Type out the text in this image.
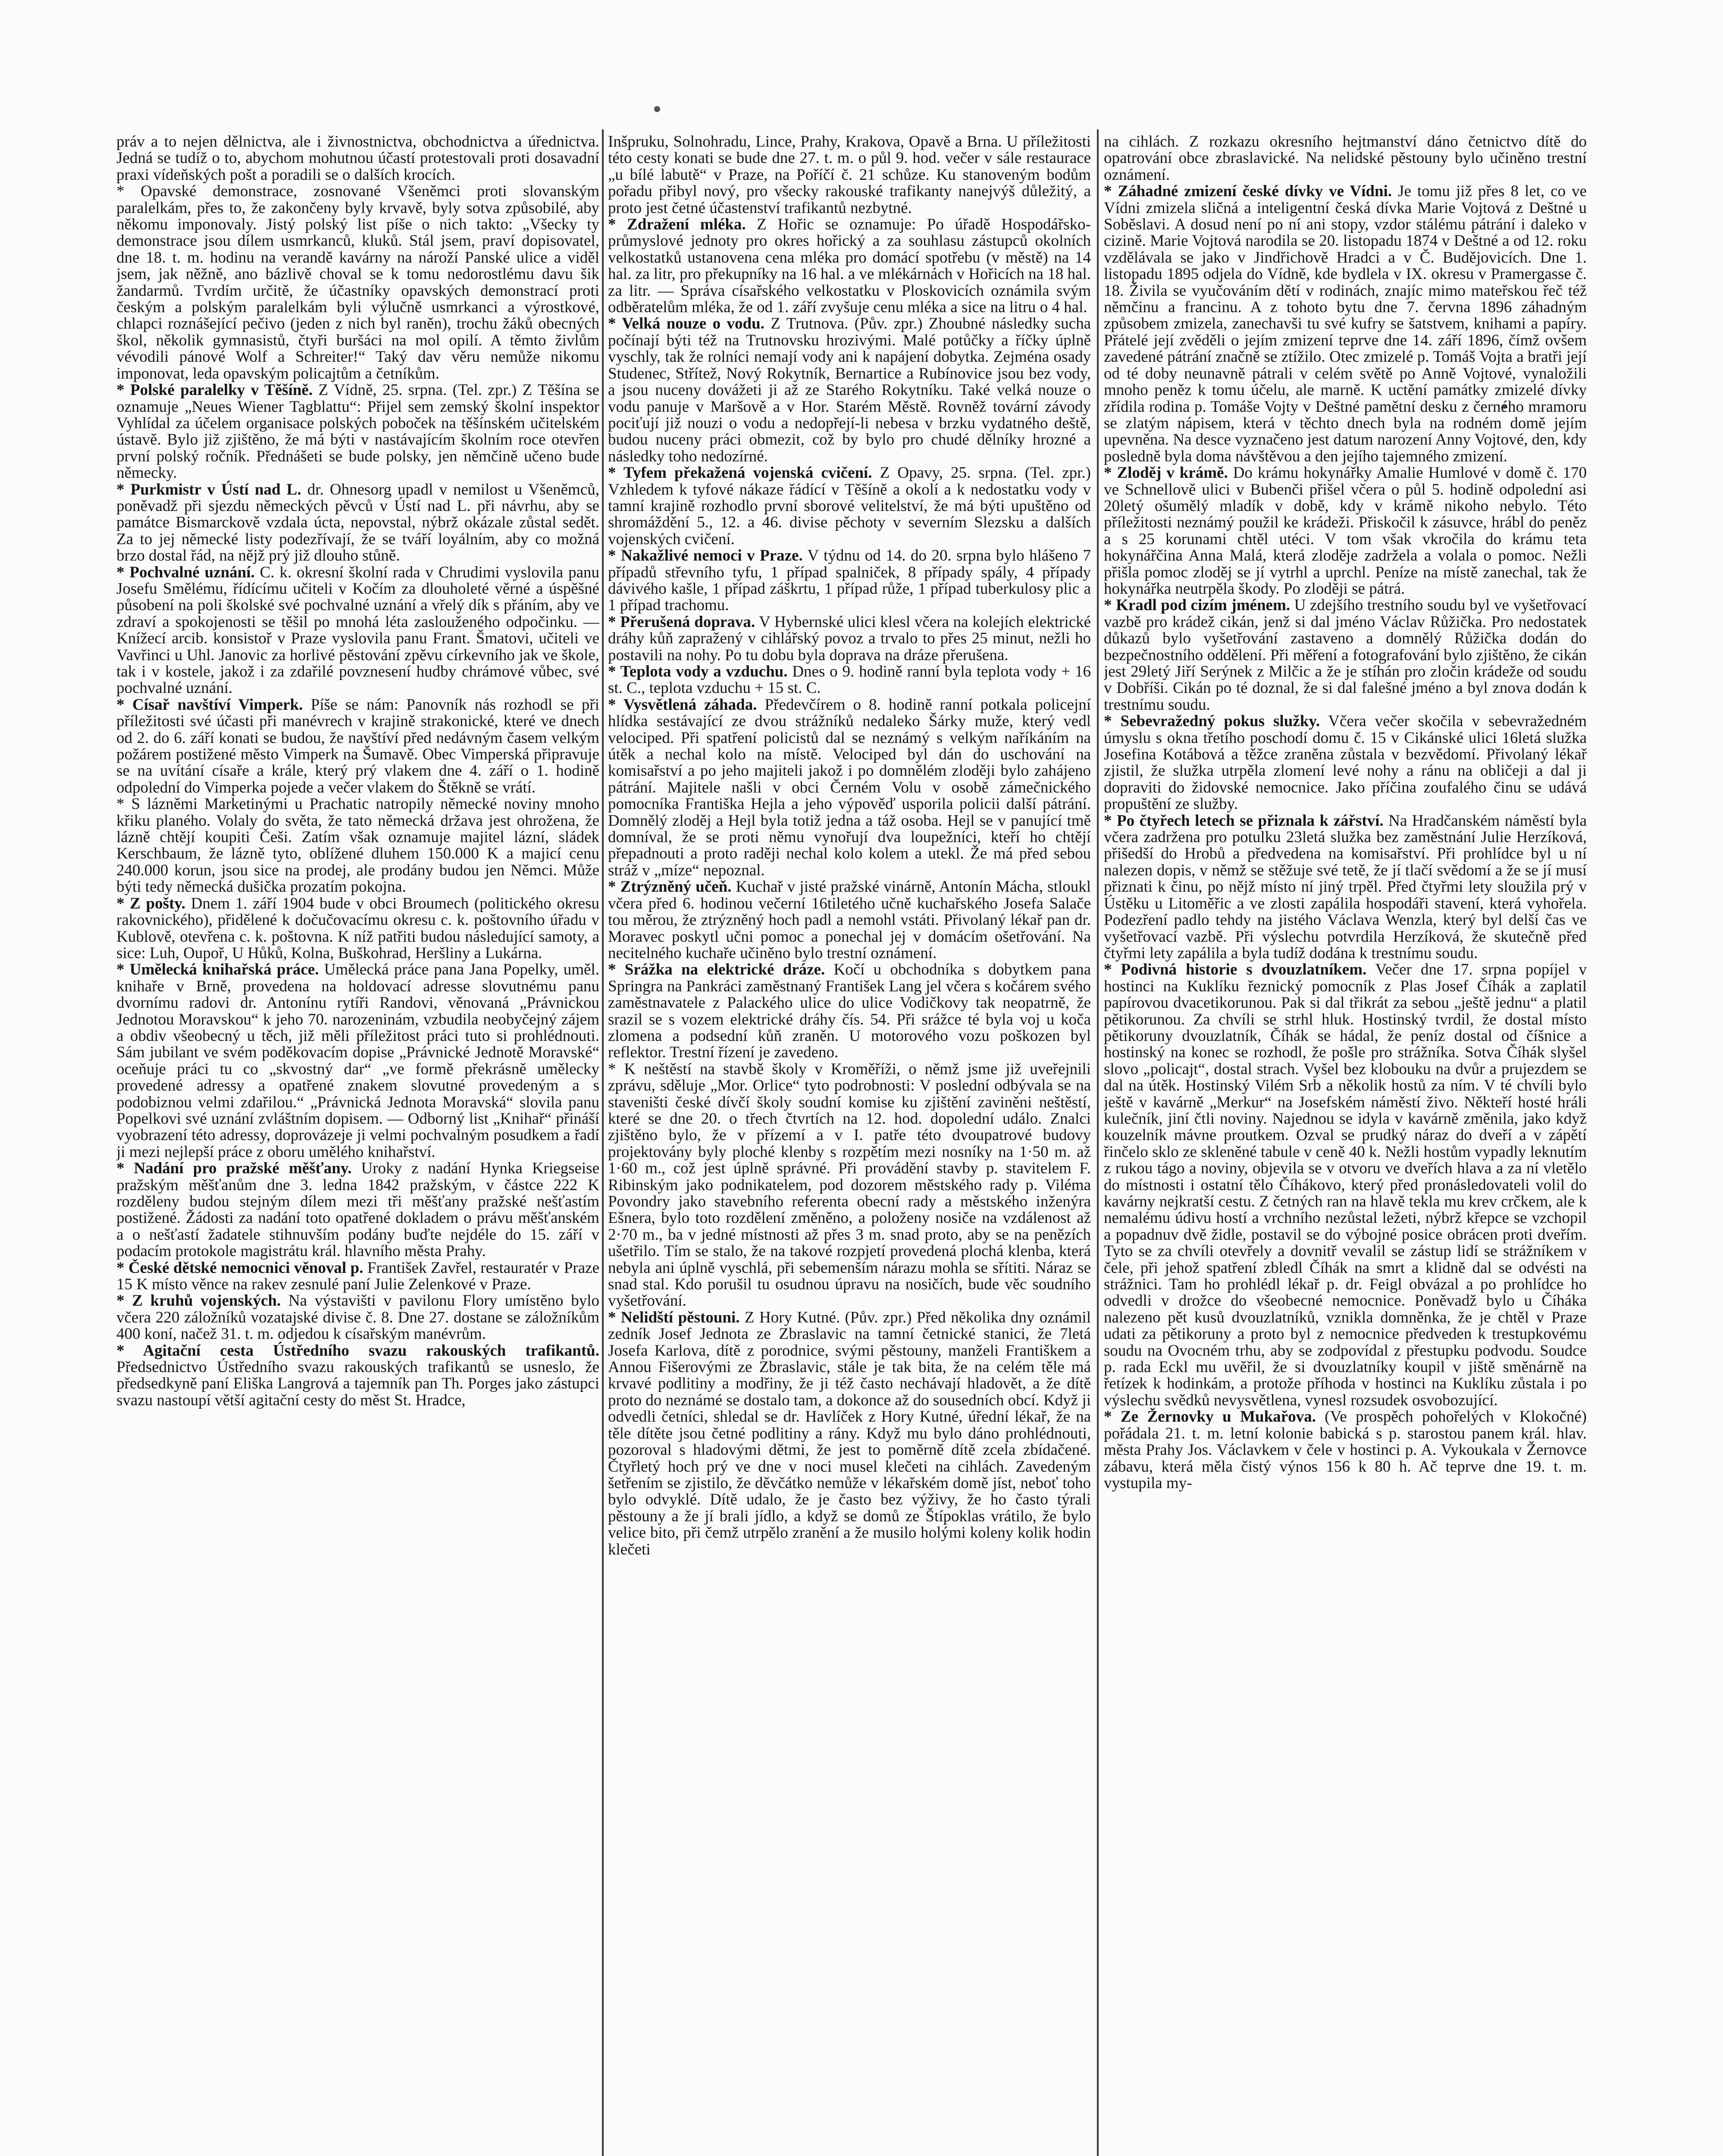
práv a to nejen dělnictva, ale i živnostnictva, obchodnictva a úřednictva. Jedná se tudíž o to, abychom mohutnou účastí protestovali proti dosavadní praxi vídeňských pošt a poradili se o dalších krocích.

* Opavské demonstrace, zosnované Všeněmci proti slovanským paralelkám, přes to, že zakončeny byly krvavě, byly sotva způsobilé, aby někomu imponovaly. Jistý polský list píše o nich takto: „Všecky ty demonstrace jsou dílem usmrkanců, kluků. Stál jsem, praví dopisovatel, dne 18. t. m. hodinu na verandě kavárny na nároží Panské ulice a viděl jsem, jak něžně, ano bázlivě choval se k tomu nedorostlému davu šik žandarmů. Tvrdím určitě, že účastníky opavských demonstrací proti českým a polským paralelkám byli výlučně usmrkanci a výrostkové, chlapci roznášející pečivo (jeden z nich byl raněn), trochu žáků obecných škol, několik gymnasistů, čtyři buršáci na mol opilí. A těmto živlům vévodili pánové Wolf a Schreiter!“ Taký dav věru nemůže nikomu imponovat, leda opavským policajtům a četníkům.

* Polské paralelky v Těšíně. Z Vídně, 25. srpna. (Tel. zpr.) Z Těšína se oznamuje „Neues Wiener Tagblattu“: Přijel sem zemský školní inspektor Vyhlídal za účelem organisace polských poboček na těšínském učitelském ústavě. Bylo již zjištěno, že má býti v nastávajícím školním roce otevřen první polský ročník. Přednášeti se bude polsky, jen němčině učeno bude německy.

* Purkmistr v Ústí nad L. dr. Ohnesorg upadl v nemilost u Všeněmců, poněvadž při sjezdu německých pěvců v Ústí nad L. při návrhu, aby se památce Bismarckově vzdala úcta, nepovstal, nýbrž okázale zůstal sedět. Za to jej německé listy podezřívají, že se tváří loyálním, aby co možná brzo dostal řád, na nějž prý již dlouho stůně.

* Pochvalné uznání. C. k. okresní školní rada v Chrudimi vyslovila panu Josefu Smělému, řídícímu učiteli v Kočím za dlouholeté věrné a úspěšné působení na poli školské své pochvalné uznání a vřelý dík s přáním, aby ve zdraví a spokojenosti se těšil po mnohá léta zaslouženého odpočinku. — Knížecí arcib. konsistoř v Praze vyslovila panu Frant. Šmatovi, učiteli ve Vavřinci u Uhl. Janovic za horlivé pěstování zpěvu církevního jak ve škole, tak i v kostele, jakož i za zdařilé povznesení hudby chrámové vůbec, své pochvalné uznání.

* Císař navštíví Vimperk. Píše se nám: Panovník nás rozhodl se při příležitosti své účasti při manévrech v krajině strakonické, které ve dnech od 2. do 6. září konati se budou, že navštíví před nedávným časem velkým požárem postižené město Vimperk na Šumavě. Obec Vimperská připravuje se na uvítání císaře a krále, který prý vlakem dne 4. září o 1. hodině odpolední do Vimperka pojede a večer vlakem do Štěkně se vrátí.

* S lázněmi Marketinými u Prachatic natropily německé noviny mnoho křiku planého. Volaly do světa, že tato německá državа jest ohrožena, že lázně chtějí koupiti Češi. Zatím však oznamuje majitel lázní, sládek Kerschbaum, že lázně tyto, oblížené dluhem 150.000 K a majicí cenu 240.000 korun, jsou sice na prodej, ale prodány budou jen Němci. Může býti tedy německá dušička prozatím pokojna.

* Z pošty. Dnem 1. září 1904 bude v obci Broumech (politického okresu rakovnického), přidělené k dočučovacímu okresu c. k. poštovního úřadu v Kublově, otevřena c. k. poštovna. K níž patřiti budou následující samoty, a sice: Luh, Oupoř, U Hůků, Kolna, Buškohrad, Heršliny a Lukárna.

* Umělecká knihařská práce. Umělecká práce pana Jana Popelky, uměl. knihaře v Brně, provedena na holdovací adresse slovutnému panu dvornímu radovi dr. Antonínu rytíři Randovi, věnovaná „Právnickou Jednotou Moravskou“ k jeho 70. narozeninám, vzbudila neobyčejný zájem a obdiv všeobecný u těch, již měli příležitost práci tuto si prohlédnouti. Sám jubilant ve svém poděkovacím dopise „Právnické Jednotě Moravské“ oceňuje práci tu co „skvostný dar“ „ve formě překrásně umělecky provedené adressy a opatřené znakem slovutné provedeným a s podobiznou velmi zdařilou.“ „Právnická Jednota Moravská“ slovila panu Popelkovi své uznání zvláštním dopisem. — Odborný list „Knihař“ přináší vyobrazení této adressy, doprovázeje ji velmi pochvalným posudkem a řadí ji mezi nejlepší práce z oboru umělého knihařství.

* Nadání pro pražské měšťany. Uroky z nadání Hynka Kriegseise pražským měšťanům dne 3. ledna 1842 pražským, v částce 222 K rozděleny budou stejným dílem mezi tři měšťany pražské nešťastím postižené. Žádosti za nadání toto opatřené dokladem o právu měšťanském a o nešťastí žadatele stihnuvším podány buďte nejdéle do 15. září v podacím protokole magistrátu král. hlavního města Prahy.

* České dětské nemocnici věnoval p. František Zavřel, restauratér v Praze 15 K místo věnce na rakev zesnulé paní Julie Zelenkové v Praze.

* Z kruhů vojenských. Na výstavišti v pavilonu Flory umístěno bylo včera 220 záložníků vozatajské divise č. 8. Dne 27. dostane se záložníkům 400 koní, načež 31. t. m. odjedou k císařským manévrům.

* Agitační cesta Ústředního svazu rakouských trafikantů. Předsednictvo Ústředního svazu rakouských trafikantů se usneslo, že předsedkyně paní Eliška Langrová a tajemník pan Th. Porges jako zástupci svazu nastoupí větší agitační cesty do měst St. Hradce,

Inšpruku, Solnohradu, Lince, Prahy, Krakova, Opavě a Brna. U příležitosti této cesty konati se bude dne 27. t. m. o půl 9. hod. večer v sále restaurace „u bílé labutě“ v Praze, na Poříčí č. 21 schůze. Ku stanoveným bodům pořadu přibyl nový, pro všecky rakouské trafikanty nanejvýš důležitý, a proto jest četné účastenství trafikantů nezbytné.

* Zdražení mléka. Z Hořic se oznamuje: Po úřadě Hospodářsko-průmyslové jednoty pro okres hořický a za souhlasu zástupců okolních velkostatků ustanovena cena mléka pro domácí spotřebu (v městě) na 14 hal. za litr, pro překupníky na 16 hal. a ve mlékárnách v Hořicích na 18 hal. za litr. — Správa císařského velkostatku v Ploskovicích oznámila svým odběratelům mléka, že od 1. září zvyšuje cenu mléka a sice na litru o 4 hal.

* Velká nouze o vodu. Z Trutnova. (Pův. zpr.) Zhoubné následky sucha počínají býti též na Trutnovsku hrozivými. Malé potůčky a říčky úplně vyschly, tak že rolníci nemají vody ani k napájení dobytka. Zejména osady Studenec, Střítež, Nový Rokytník, Bernartice a Rubínovice jsou bez vody, a jsou nuceny dovážeti ji až ze Starého Rokytníku. Také velká nouze o vodu panuje v Maršově a v Hor. Starém Městě. Rovněž tovární závody pociťují již nouzi o vodu a nedopřejí-li nebesa v brzku vydatného deště, budou nuceny práci obmezit, což by bylo pro chudé dělníky hrozné a následky toho nedozírné.

* Tyfem překažená vojenská cvičení. Z Opavy, 25. srpna. (Tel. zpr.) Vzhledem k tyfové nákaze řádící v Těšíně a okolí a k nedostatku vody v tamní krajině rozhodlo první sborové velitelství, že má býti upuštěno od shromáždění 5., 12. a 46. divise pěchoty v severním Slezsku a dalších vojenských cvičení.

* Nakažlivé nemoci v Praze. V týdnu od 14. do 20. srpna bylo hlášeno 7 případů střevního tyfu, 1 případ spalniček, 8 případy spály, 4 případy dávivého kašle, 1 případ záškrtu, 1 případ růže, 1 případ tuberkulosy plic a 1 případ trachomu.

* Přerušená doprava. V Hybernské ulici klesl včera na kolejích elektrické dráhy kůň zapražený v cihlářský povoz a trvalo to přes 25 minut, nežli ho postavili na nohy. Po tu dobu byla doprava na dráze přerušena.

* Teplota vody a vzduchu. Dnes o 9. hodině ranní byla teplota vody + 16 st. C., teplota vzduchu + 15 st. C.

* Vysvětlená záhada. Předevčírem o 8. hodině ranní potkala policejní hlídka sestávající ze dvou strážníků nedaleko Šárky muže, který vedl velociped. Při spatření policistů dal se neznámý s velkým naříkáním na útěk a nechal kolo na místě. Velociped byl dán do uschování na komisařství a po jeho majiteli jakož i po domnělém zloději bylo zahájeno pátrání. Majitele našli v obci Černém Volu v osobě zámečnického pomocníka Františka Hejla a jeho výpověď usporila policii další pátrání. Domnělý zloděj a Hejl byla totiž jedna a táž osoba. Hejl se v panující tmě domníval, že se proti němu vynořují dva loupežníci, kteří ho chtějí přepadnouti a proto raději nechal kolo kolem a utekl. Že má před sebou stráž v „míze“ nepoznal.

* Ztrýzněný učeň. Kuchař v jisté pražské vinárně, Antonín Mácha, stloukl včera před 6. hodinou večerní 16tiletého učně kuchařského Josefa Salače tou měrou, že ztrýzněný hoch padl a nemohl vstáti. Přivolaný lékař pan dr. Moravec poskytl učni pomoc a ponechal jej v domácím ošetřování. Na necitelného kuchaře učiněno bylo trestní oznámení.

* Srážka na elektrické dráze. Kočí u obchodníka s dobytkem pana Springra na Pankráci zaměstnaný František Lang jel včera s kočárem svého zaměstnavatele z Palackého ulice do ulice Vodičkovy tak neopatrně, že srazil se s vozem elektrické dráhy čís. 54. Při srážce té byla voj u koča zlomena a podsední kůň zraněn. U motorového vozu poškozen byl reflektor. Trestní řízení je zavedeno.

* K neštěstí na stavbě školy v Kroměříži, o němž jsme již uveřejnili zprávu, sděluje „Mor. Orlice“ tyto podrobnosti: V poslední odbývala se na staveništi české dívčí školy soudní komise ku zjištění zaviněni neštěstí, které se dne 20. o třech čtvrtích na 12. hod. dopolední událo. Znalci zjištěno bylo, že v přízemí a v I. patře této dvoupatrové budovy projektovány byly ploché klenby s rozpětím mezi nosníky na 1·50 m. až 1·60 m., což jest úplně správné. Při provádění stavby p. stavitelem F. Ribinským jako podnikatelem, pod dozorem městského rady p. Viléma Povondry jako stavebního referenta obecní rady a městského inženýra Ešnera, bylo toto rozdělení změněno, a položeny nosiče na vzdálenost až 2·70 m., ba v jedné místnosti až přes 3 m. snad proto, aby se na penězích ušetřilo. Tím se stalo, že na takové rozpjetí provedená plochá klenba, která nebyla ani úplně vyschlá, při sebemenším nárazu mohla se sřítiti. Náraz se snad stal. Kdo porušil tu osudnou úpravu na nosičích, bude věc soudního vyšetřování.

* Nelidští pěstouni. Z Hory Kutné. (Pův. zpr.) Před několika dny oznámil zedník Josef Jednota ze Zbraslavic na tamní četnické stanici, že 7letá Josefa Karlova, dítě z porodnice, svými pěstouny, manželi Františkem a Annou Fišerovými ze Zbraslavic, stále je tak bita, že na celém těle má krvavé podlitiny a modřiny, že ji též často nechávají hladovět, a že dítě proto do neznámé se dostalo tam, a dokonce až do sousedních obcí. Když ji odvedli četníci, shledal se dr. Havlíček z Hory Kutné, úřední lékař, že na těle dítěte jsou četné podlitiny a rány. Když mu bylo dáno prohlédnouti, pozoroval s hladovými dětmi, že jest to poměrně dítě zcela zbídačené. Čtyřletý hoch prý ve dne v noci musel klečeti na cihlách. Zavedeným šetřením se zjistilo, že děvčátko nemůže v lékařském domě jíst, neboť toho bylo odvyklé. Dítě udalo, že je často bez výživy, že ho často týrali pěstouny a že jí brali jídlo, a když se domů ze Štípoklas vrátilo, že bylo velice bito, při čemž utrpělo zranění a že musilo holými koleny kolik hodin klečeti

na cihlách. Z rozkazu okresního hejtmanství dáno četnictvo dítě do opatrování obce zbraslavické. Na nelidské pěstouny bylo učiněno trestní oznámení.

* Záhadné zmizení české dívky ve Vídni. Je tomu již přes 8 let, co ve Vídni zmizela sličná a inteligentní česká dívka Marie Vojtová z Deštné u Soběslavi. A dosud není po ní ani stopy, vzdor stálému pátrání i daleko v cizině. Marie Vojtová narodila se 20. listopadu 1874 v Deštné a od 12. roku vzdělávala se jako v Jindřichově Hradci a v Č. Budějovicích. Dne 1. listopadu 1895 odjela do Vídně, kde bydlela v IX. okresu v Pramergasse č. 18. Živila se vyučováním dětí v rodinách, znajíc mimo mateřskou řeč též němčinu a francinu. A z tohoto bytu dne 7. června 1896 záhadným způsobem zmizela, zanechavši tu své kufry se šatstvem, knihami a papíry. Přátelé její zvěděli o jejím zmizení teprve dne 14. září 1896, čímž ovšem zavedené pátrání značně se ztížilo. Otec zmizelé p. Tomáš Vojta a bratři její od té doby neunavně pátrali v celém světě po Anně Vojtové, vynaložili mnoho peněz k tomu účelu, ale marně. K uctění památky zmizelé dívky zřídila rodina p. Tomáše Vojty v Deštné pamětní desku z černého mramoru se zlatým nápisem, která v těchto dnech byla na rodném domě jejím upevněna. Na desce vyznačeno jest datum narození Anny Vojtové, den, kdy posledně byla doma návštěvou a den jejího tajemného zmizení.

* Zloděj v krámě. Do krámu hokynářky Amalie Humlové v domě č. 170 ve Schnellově ulici v Bubenči přišel včera o půl 5. hodině odpolední asi 20letý ošumělý mladík v době, kdy v krámě nikoho nebylo. Této příležitosti neznámý použil ke krádeži. Přiskočil k zásuvce, hrábl do peněz a s 25 korunami chtěl utéci. V tom však vkročila do krámu teta hokynářčina Anna Malá, která zloděje zadržela a volala o pomoc. Nežli přišla pomoc zloděj se jí vytrhl a uprchl. Peníze na místě zanechal, tak že hokynářka neutrpěla škody. Po zloději se pátrá.

* Kradl pod cizím jménem. U zdejšího trestního soudu byl ve vyšetřovací vazbě pro krádež cikán, jenž si dal jméno Václav Růžička. Pro nedostatek důkazů bylo vyšetřování zastaveno a domnělý Růžička dodán do bezpečnostního oddělení. Při měření a fotografování bylo zjištěno, že cikán jest 29letý Jiří Serýnek z Milčic a že je stíhán pro zločin krádeže od soudu v Dobříši. Cikán po té doznal, že si dal falešné jméno a byl znova dodán k trestnímu soudu.

* Sebevražedný pokus služky. Včera večer skočila v sebevražedném úmyslu s okna třetího poschodí domu č. 15 v Cikánské ulici 16letá služka Josefina Kotábová a těžce zraněna zůstala v bezvědomí. Přivolaný lékař zjistil, že služka utrpěla zlomení levé nohy a ránu na obličeji a dal ji dopraviti do židovské nemocnice. Jako příčina zoufalého činu se udává propuštění ze služby.

* Po čtyřech letech se přiznala k zářství. Na Hradčanském náměstí byla včera zadržena pro potulku 23letá služka bez zaměstnání Julie Herzíková, přišedší do Hrobů a předvedena na komisařství. Při prohlídce byl u ní nalezen dopis, v němž se stěžuje své tetě, že jí tlačí svědomí a že se jí musí přiznati k činu, po nějž místo ní jiný trpěl. Před čtyřmi lety sloužila prý v Ústěku u Litoměřic a ve zlosti zapálila hospodáři stavení, která vyhořela. Podezření padlo tehdy na jistého Václava Wenzla, který byl delší čas ve vyšetřovací vazbě. Při výslechu potvrdila Herzíková, že skutečně před čtyřmi lety zapálila a byla tudíž dodána k trestnímu soudu.

* Podivná historie s dvouzlatníkem. Večer dne 17. srpna popíjel v hostinci na Kuklíku řeznický pomocník z Plas Josef Číhák a zaplatil papírovou dvacetikorunou. Pak si dal třikrát za sebou „ještě jednu“ a platil pětikorunou. Za chvíli se strhl hluk. Hostinský tvrdil, že dostal místo pětikoruny dvouzlatník, Číhák se hádal, že peníz dostal od číšnice a hostinský na konec se rozhodl, že pošle pro strážníka. Sotva Číhák slyšel slovo „policajt“, dostal strach. Vyšel bez klobouku na dvůr a prujezdem se dal na útěk. Hostinský Vilém Srb a několik hostů za ním. V té chvíli bylo ještě v kavárně „Merkur“ na Josefském náměstí živo. Někteří hosté hráli kulečník, jiní čtli noviny. Najednou se idyla v kavárně změnila, jako když kouzelník mávne proutkem. Ozval se prudký náraz do dveří a v zápětí řinčelo sklo ze skleněné tabule v ceně 40 k. Nežli hostům vypadly leknutím z rukou tágo a noviny, objevila se v otvoru ve dveřích hlava a za ní vletělo do místnosti i ostatní tělo Číhákovo, který před pronásledovateli volil do kavárny nejkratší cestu. Z četných ran na hlavě tekla mu krev crčkem, ale k nemalému údivu hostí a vrchního nezůstal ležeti, nýbrž křepce se vzchopil a popadnuv dvě židle, postavil se do výbojné posice obrácen proti dveřím. Tyto se za chvíli otevřely a dovnitř vevalil se zástup lidí se strážníkem v čele, při jehož spatření zbledl Číhák na smrt a klidně dal se odvésti na strážnici. Tam ho prohlédl lékař p. dr. Feigl obvázal a po prohlídce ho odvedli v drožce do všeobecné nemocnice. Poněvadž bylo u Číháka nalezeno pět kusů dvouzlatníků, vznikla domněnka, že je chtěl v Praze udati za pětikoruny a proto byl z nemocnice předveden k trestupkovému soudu na Ovocném trhu, aby se zodpovídal z přestupku podvodu. Soudce p. rada Eckl mu uvěřil, že si dvouzlatníky koupil v jiště směnárně na řetízek k hodinkám, a protože příhoda v hostinci na Kuklíku zůstala i po výslechu svědků nevysvětlena, vynesl rozsudek osvobozující.

* Ze Žernovky u Mukařova. (Ve prospěch pohořelých v Klokočné) pořádala 21. t. m. letní kolonie babická s p. starostou panem král. hlav. města Prahy Jos. Václavkem v čele v hostinci p. A. Vykoukala v Žernovce zábavu, která měla čistý výnos 156 k 80 h. Ač teprve dne 19. t. m. vystupila my-
